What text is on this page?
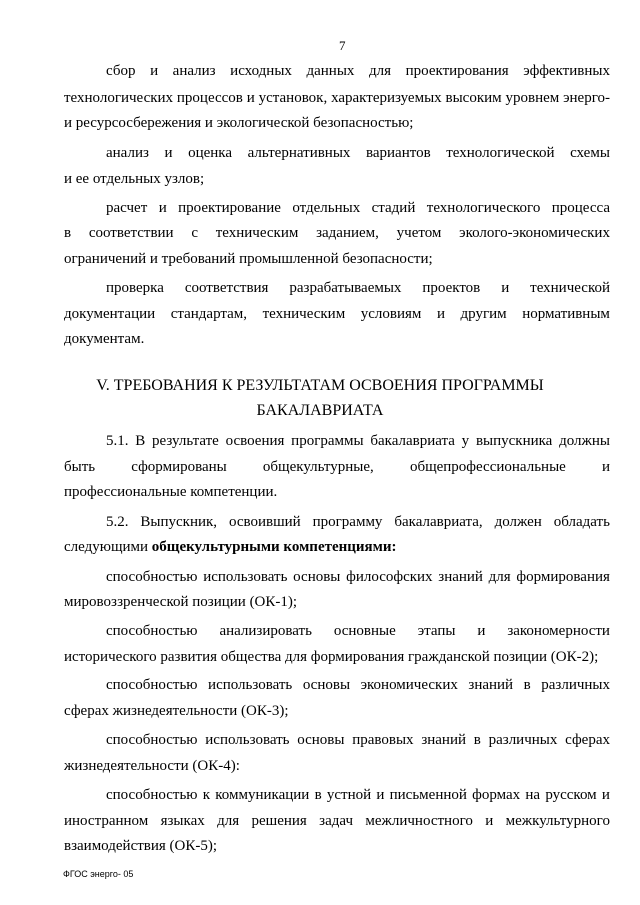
7
сбор и анализ исходных данных для проектирования эффективных
технологических процессов и установок, характеризуемых высоким уровнем энерго-
и ресурсосбережения и экологической безопасностью;
анализ и оценка альтернативных вариантов технологической схемы
и ее отдельных узлов;
расчет и проектирование отдельных стадий технологического процесса
в соответствии с техническим заданием, учетом эколого-экономических
ограничений и требований промышленной безопасности;
проверка соответствия разрабатываемых проектов и технической
документации стандартам, техническим условиям и другим нормативным
документам.
V. ТРЕБОВАНИЯ К РЕЗУЛЬТАТАМ ОСВОЕНИЯ ПРОГРАММЫ
БАКАЛАВРИАТА
5.1. В результате освоения программы бакалавриата у выпускника должны
быть сформированы общекультурные, общепрофессиональные и
профессиональные компетенции.
5.2. Выпускник, освоивший программу бакалавриата, должен обладать
следующими общекультурными компетенциями:
способностью использовать основы философских знаний для формирования
мировоззренческой позиции (ОК-1);
способностью анализировать основные этапы и закономерности
исторического развития общества для формирования гражданской позиции (ОК-2);
способностью использовать основы экономических знаний в различных
сферах жизнедеятельности (ОК-3);
способностью использовать основы правовых знаний в различных сферах
жизнедеятельности (ОК-4):
способностью к коммуникации в устной и письменной формах на русском и
иностранном языках для решения задач межличностного и межкультурного
взаимодействия (ОК-5);
ФГОС энерго- 05
